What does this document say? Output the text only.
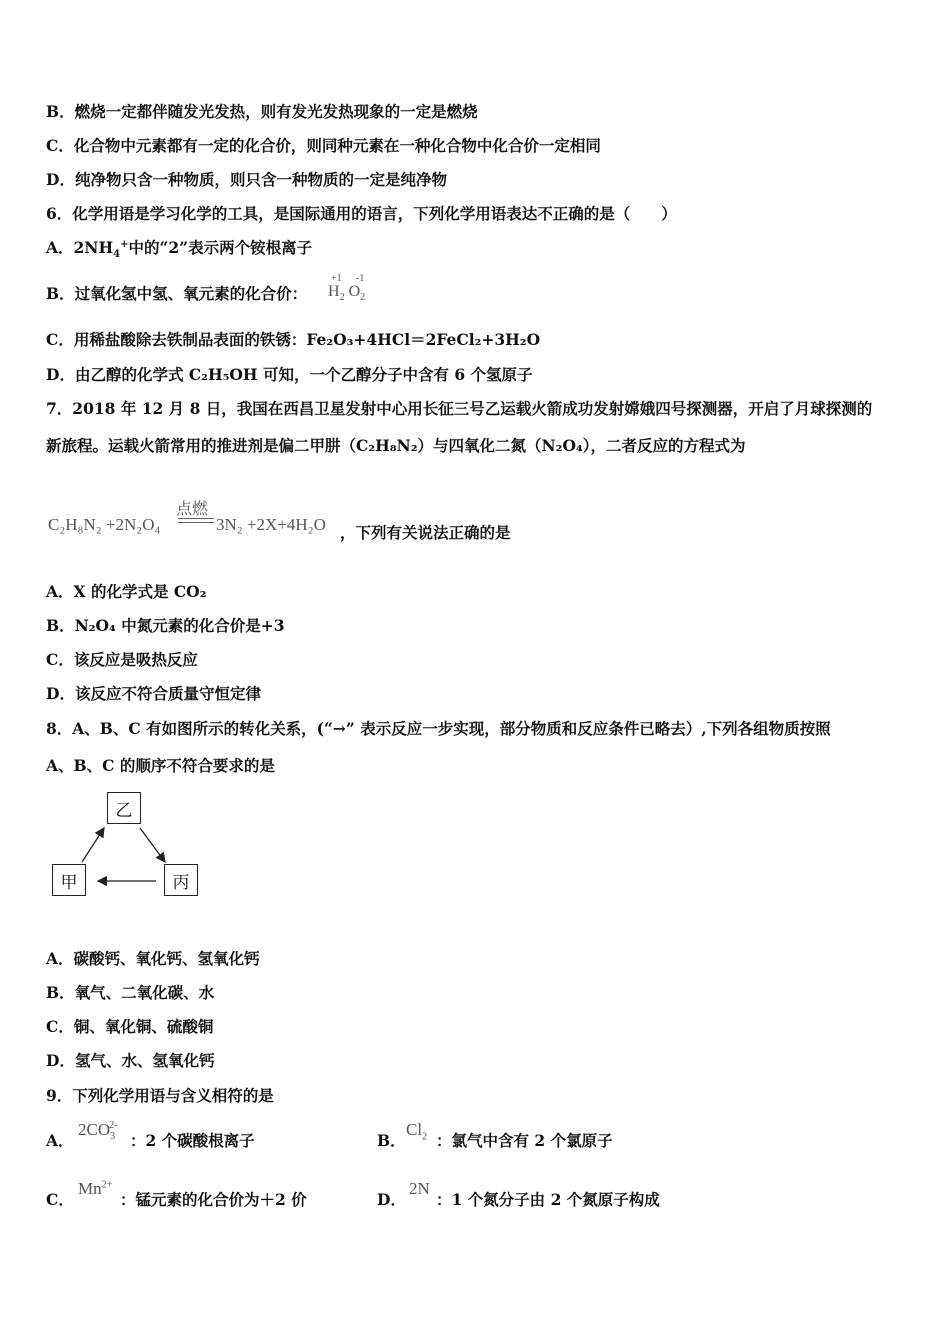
B．燃烧一定都伴随发光发热，则有发光发热现象的一定是燃烧
C．化合物中元素都有一定的化合价，则同种元素在一种化合物中化合价一定相同
D．纯净物只含一种物质，则只含一种物质的一定是纯净物
6．化学用语是学习化学的工具，是国际通用的语言，下列化学用语表达不正确的是（　　）
A．$2NH_4^+$中的“2”表示两个铵根离子
B．过氧化氢中氢、氧元素的化合价：
+1 -1
$H_2$ $O_2$
C．用稀盐酸除去铁制品表面的铁锈：Fe₂O₃+4HCl＝2FeCl₂+3H₂O
D．由乙醇的化学式 C₂H₅OH 可知，一个乙醇分子中含有 6 个氢原子
7．2018 年 12 月 8 日，我国在西昌卫星发射中心用长征三号乙运载火箭成功发射嫦娥四号探测器，开启了月球探测的
新旅程。运载火箭常用的推进剂是偏二甲肼（C₂H₈N₂）与四氧化二氮（N₂O₄），二者反应的方程式为
点燃
C₂H₈N₂ +2N₂O₄	3N₂ +2X+4H₂O ，下列有关说法正确的是
A．X 的化学式是 CO₂
B．N₂O₄ 中氮元素的化合价是+3
C．该反应是吸热反应
D．该反应不符合质量守恒定律
8．A、B、C 有如图所示的转化关系，(“→” 表示反应一步实现，部分物质和反应条件已略去）,下列各组物质按照
A、B、C 的顺序不符合要求的是
乙
甲	丙
A．碳酸钙、氧化钙、氢氧化钙
B．氧气、二氧化碳、水
C．铜、氧化铜、硫酸铜
D．氢气、水、氢氧化钙
9．下列化学用语与含义相符的是
A．
$2CO_3^{2-}$
：2 个碳酸根离子	B．
$Cl_2$ ：氯气中含有 2 个氯原子
C．
$Mn^{2+}$
：锰元素的化合价为＋2 价	D．
2N
：1 个氮分子由 2 个氮原子构成
